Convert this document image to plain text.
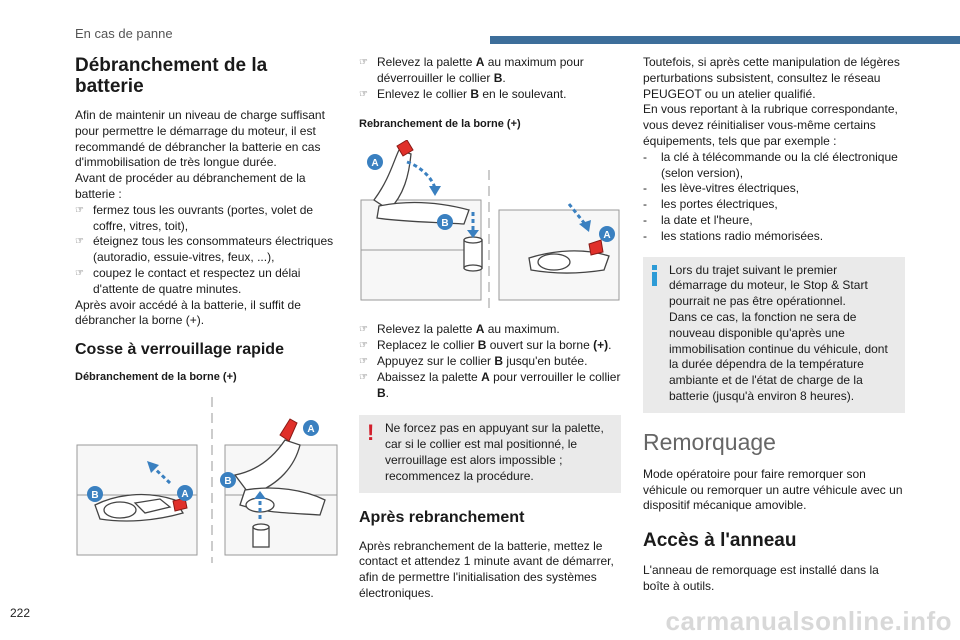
En cas de panne
Débranchement de la batterie

Afin de maintenir un niveau de charge suffisant pour permettre le démarrage du moteur, il est recommandé de débrancher la batterie en cas d'immobilisation de très longue durée.

Avant de procéder au débranchement de la batterie :

☞ fermez tous les ouvrants (portes, volet de coffre, vitres, toit),
☞ éteignez tous les consommateurs électriques (autoradio, essuie-vitres, feux, ...),
☞ coupez le contact et respectez un délai d'attente de quatre minutes.

Après avoir accédé à la batterie, il suffit de débrancher la borne (+).

Cosse à verrouillage rapide
Débranchement de la borne (+)
A
B
B
A
☞ Relevez la palette A au maximum pour déverrouiller le collier B.
☞ Enlevez le collier B en le soulevant.
Rebranchement de la borne (+)
A
B
A
☞ Relevez la palette A au maximum.
☞ Replacez le collier B ouvert sur la borne (+).
☞ Appuyez sur le collier B jusqu'en butée.
☞ Abaissez la palette A pour verrouiller le collier B.
! Ne forcez pas en appuyant sur la palette, car si le collier est mal positionné, le verrouillage est alors impossible ; recommencez la procédure.

Après rebranchement

Après rebranchement de la batterie, mettez le contact et attendez 1 minute avant de démarrer, afin de permettre l'initialisation des systèmes électroniques.

Toutefois, si après cette manipulation de légères perturbations subsistent, consultez le réseau PEUGEOT ou un atelier qualifié.

En vous reportant à la rubrique correspondante, vous devez réinitialiser vous-même certains équipements, tels que par exemple :

- la clé à télécommande ou la clé électronique (selon version),
- les lève-vitres électriques,
- les portes électriques,
- la date et l'heure,
- les stations radio mémorisées.

Lors du trajet suivant le premier démarrage du moteur, le Stop & Start pourrait ne pas être opérationnel.

Dans ce cas, la fonction ne sera de nouveau disponible qu'après une immobilisation continue du véhicule, dont la durée dépendra de la température ambiante et de l'état de charge de la batterie (jusqu'à environ 8 heures).

Remorquage

Mode opératoire pour faire remorquer son véhicule ou remorquer un autre véhicule avec un dispositif mécanique amovible.

Accès à l'anneau

L'anneau de remorquage est installé dans la boîte à outils.

222	carmanualsonline.info
